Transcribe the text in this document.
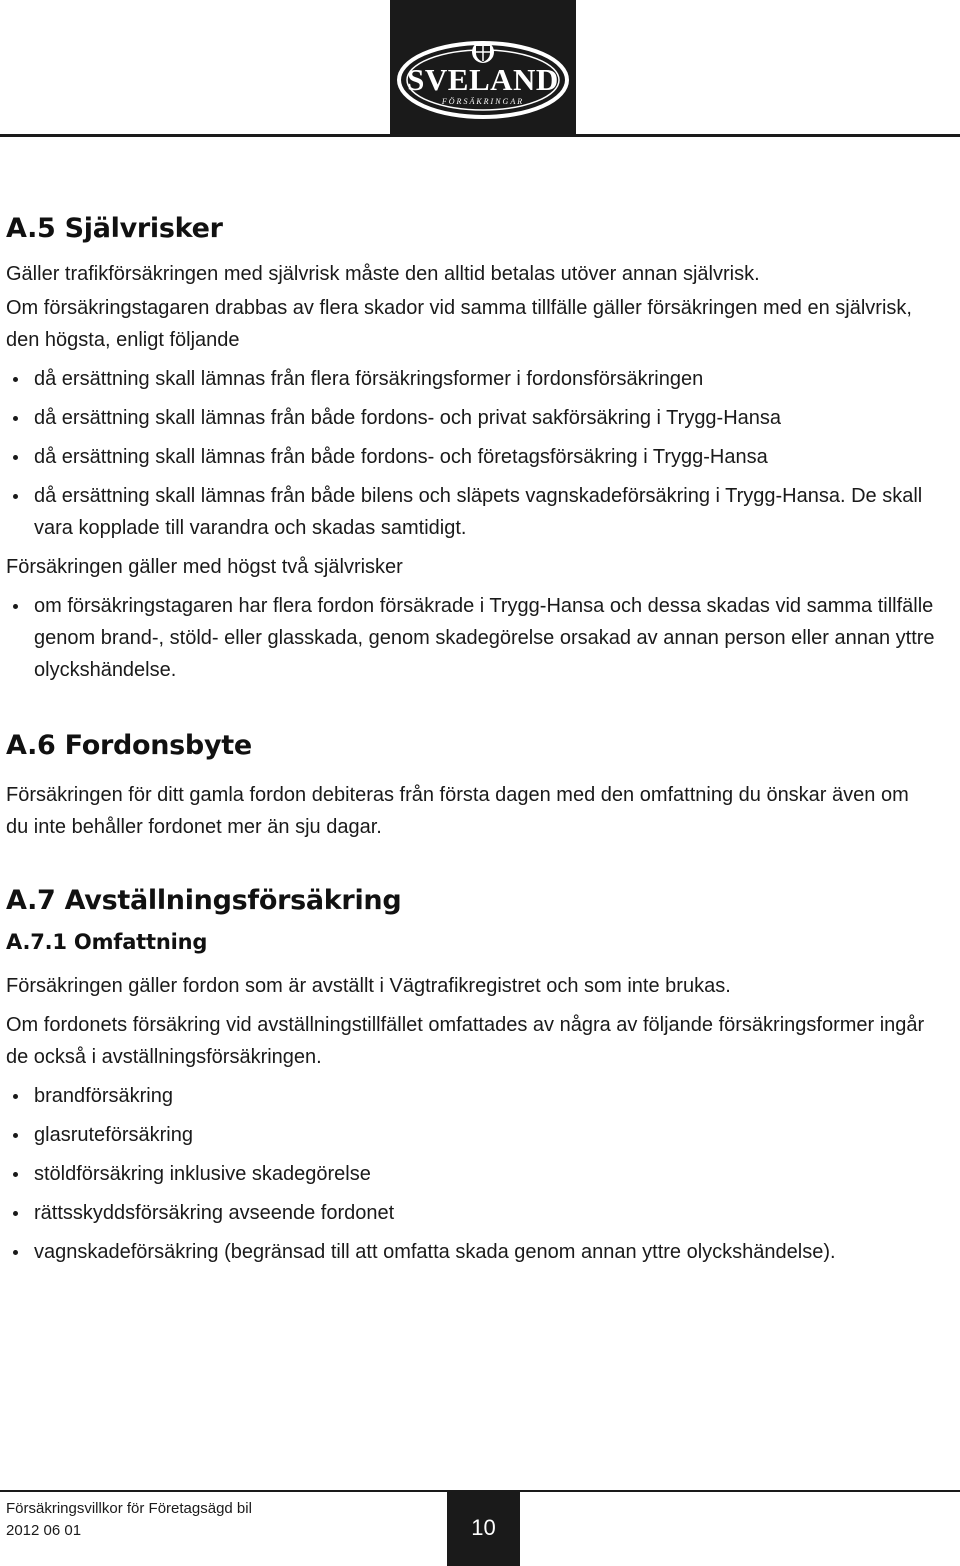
SVELAND
FÖRSÄKRINGAR
A.5 Självrisker

Gäller trafikförsäkringen med självrisk måste den alltid betalas utöver annan självrisk.

Om försäkringstagaren drabbas av flera skador vid samma tillfälle gäller försäkringen med en självrisk, den högsta, enligt följande

då ersättning skall lämnas från flera försäkringsformer i fordonsförsäkringen
då ersättning skall lämnas från både fordons- och privat sakförsäkring i Trygg-Hansa
då ersättning skall lämnas från både fordons- och företagsförsäkring i Trygg-Hansa
då ersättning skall lämnas från både bilens och släpets vagnskadeförsäkring i Trygg-Hansa. De skall vara kopplade till varandra och skadas samtidigt.

Försäkringen gäller med högst två självrisker

om försäkringstagaren har flera fordon försäkrade i Trygg-Hansa och dessa skadas vid samma tillfälle genom brand-, stöld- eller glasskada, genom skadegörelse orsakad av annan person eller annan yttre olyckshändelse.
A.6 Fordonsbyte

Försäkringen för ditt gamla fordon debiteras från första dagen med den omfattning du önskar även om du inte behåller fordonet mer än sju dagar.

A.7 Avställningsförsäkring
A.7.1 Omfattning

Försäkringen gäller fordon som är avställt i Vägtrafikregistret och som inte brukas.

Om fordonets försäkring vid avställningstillfället omfattades av några av följande försäkringsformer ingår de också i avställningsförsäkringen.

brandförsäkring
glasruteförsäkring
stöldförsäkring inklusive skadegörelse
rättsskyddsförsäkring avseende fordonet
vagnskadeförsäkring (begränsad till att omfatta skada genom annan yttre olyckshändelse).
Försäkringsvillkor för Företagsägd bil
2012 06 01	10
